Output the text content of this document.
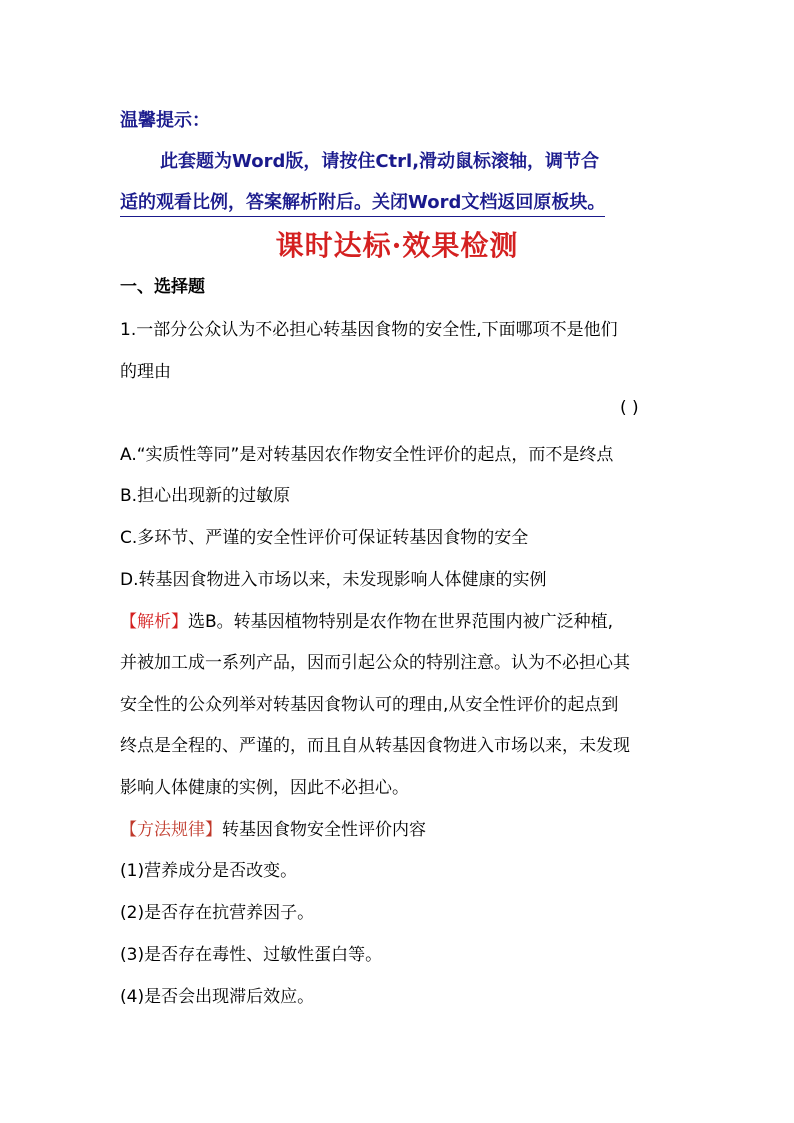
温馨提示：
此套题为Word版，请按住Ctrl,滑动鼠标滚轴，调节合
适的观看比例，答案解析附后。关闭Word文档返回原板块。
课时达标·效果检测
一、选择题
1.一部分公众认为不必担心转基因食物的安全性,下面哪项不是他们
的理由
( )
A.“实质性等同”是对转基因农作物安全性评价的起点，而不是终点
B.担心出现新的过敏原
C.多环节、严谨的安全性评价可保证转基因食物的安全
D.转基因食物进入市场以来，未发现影响人体健康的实例
【解析】选B。转基因植物特别是农作物在世界范围内被广泛种植,
并被加工成一系列产品，因而引起公众的特别注意。认为不必担心其
安全性的公众列举对转基因食物认可的理由,从安全性评价的起点到
终点是全程的、严谨的，而且自从转基因食物进入市场以来，未发现
影响人体健康的实例，因此不必担心。
【方法规律】转基因食物安全性评价内容
(1)营养成分是否改变。
(2)是否存在抗营养因子。
(3)是否存在毒性、过敏性蛋白等。
(4)是否会出现滞后效应。
